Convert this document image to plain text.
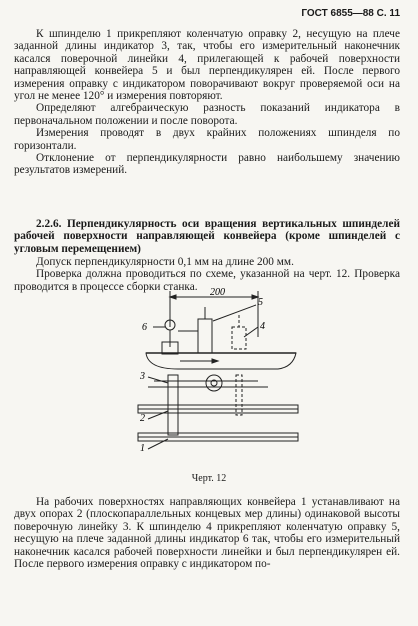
ГОСТ 6855—88 С. 11

К шпинделю 1 прикрепляют коленчатую оправку 2, несущую на плече заданной длины индикатор 3, так, чтобы его измерительный наконечник касался поверочной линейки 4, прилегающей к рабочей поверхности направляющей конвейера 5 и был перпендикулярен ей. После первого измерения оправку с индикатором поворачивают вокруг проверяемой оси на угол не менее 120° и измерения повторяют.

Определяют алгебраическую разность показаний индикатора в первоначальном положении и после поворота.

Измерения проводят в двух крайних положениях шпинделя по горизонтали.

Отклонение от перпендикулярности равно наибольшему значению результатов измерений.

2.2.6. Перпендикулярность оси вращения вертикальных шпинделей рабочей поверхности направляющей конвейера (кроме шпинделей с угловым перемещением)

Допуск перпендикулярности 0,1 мм на длине 200 мм.

Проверка должна проводиться по схеме, указанной на черт. 12. Проверка проводится в процессе сборки станка.	200
6
5
4
3
2
1
Черт. 12

На рабочих поверхностях направляющих конвейера 1 устанавливают на двух опорах 2 (плоскопараллельных концевых мер длины) одинаковой высоты поверочную линейку 3. К шпинделю 4 прикрепляют коленчатую оправку 5, несущую на плече заданной длины индикатор 6 так, чтобы его измерительный наконечник касался рабочей поверхности линейки и был перпендикулярен ей. После первого измерения оправку с индикатором по-
